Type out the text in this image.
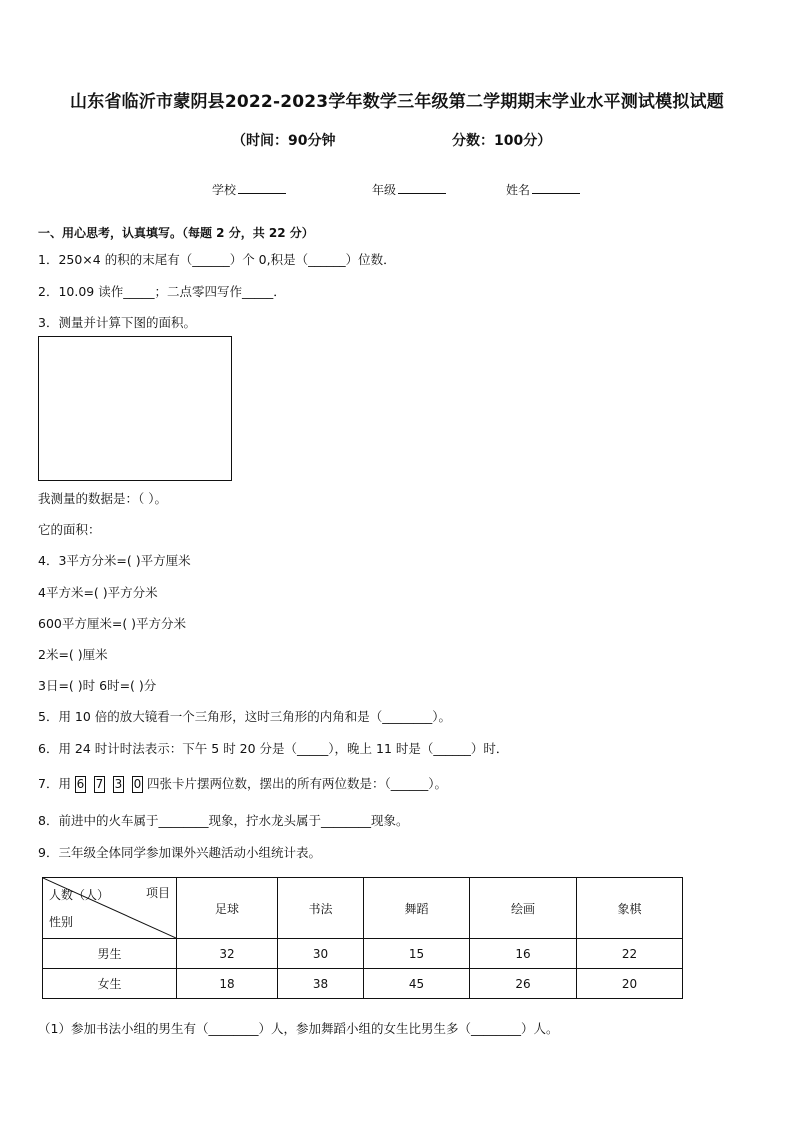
山东省临沂市蒙阴县2022-2023学年数学三年级第二学期期末学业水平测试模拟试题
（时间：90分钟	分数：100分）
学校	年级	姓名
一、用心思考，认真填写。（每题 2 分，共 22 分）
1．250×4 的积的末尾有（______）个 0,积是（______）位数．
2．10.09 读作_____；二点零四写作_____．
3．测量并计算下图的面积。
我测量的数据是：（ ）。
它的面积：
4．3平方分米=( )平方厘米
4平方米=( )平方分米
600平方厘米=( )平方分米
2米=( )厘米
3日=( )时 6时=( )分
5．用 10 倍的放大镜看一个三角形，这时三角形的内角和是（________）。
6．用 24 时计时法表示：下午 5 时 20 分是（_____），晚上 11 时是（______）时．
7．用 6 7 3 0 四张卡片摆两位数，摆出的所有两位数是：（______）。
8．前进中的火车属于________现象，拧水龙头属于________现象。
9．三年级全体同学参加课外兴趣活动小组统计表。
人数（人） 项目
性别	足球	书法	舞蹈	绘画	象棋
男生	32	30	15	16	22
女生	18	38	45	26	20
（1）参加书法小组的男生有（________）人，参加舞蹈小组的女生比男生多（________）人。
